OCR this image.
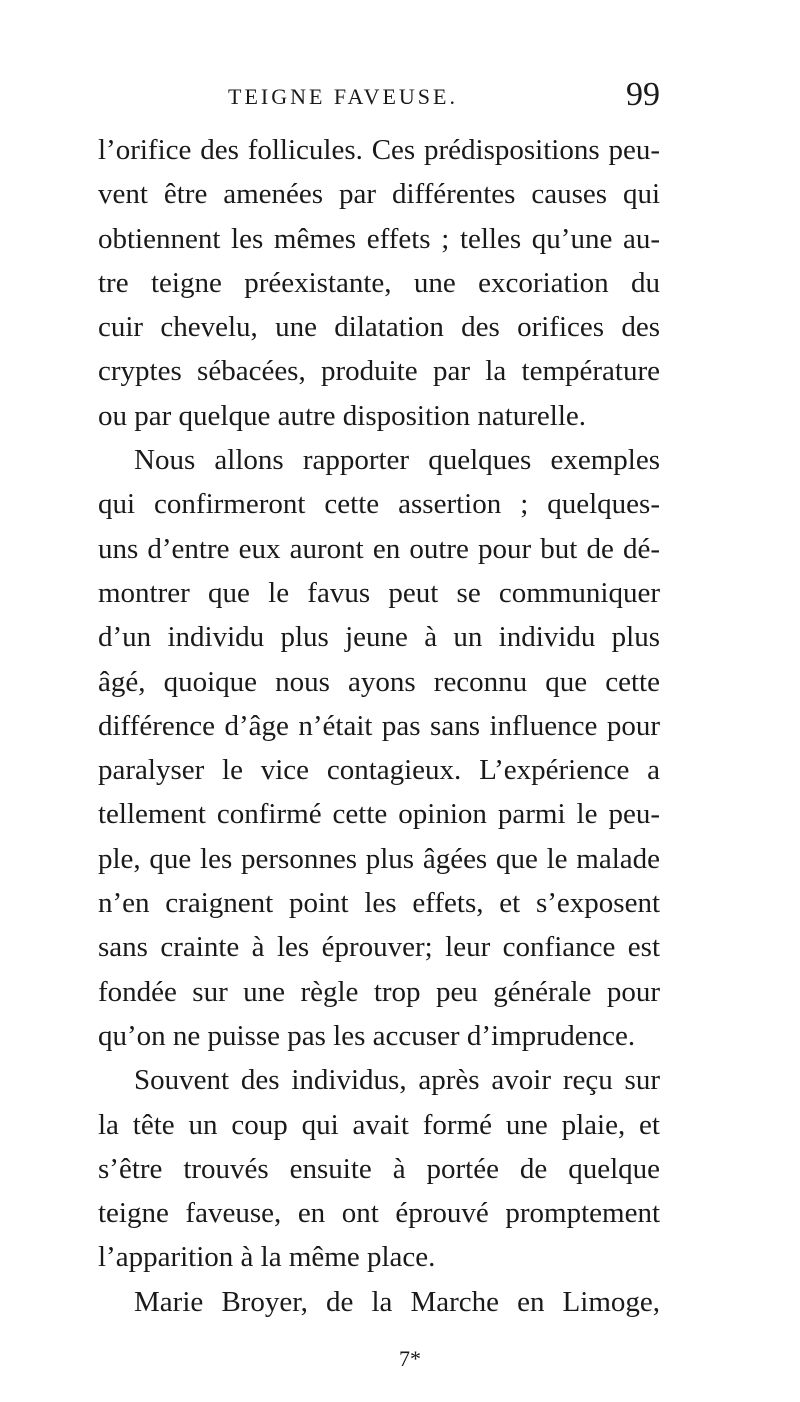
TEIGNE FAVEUSE.	99
l’orifice des follicules. Ces prédispositions peu-
vent être amenées par différentes causes qui
obtiennent les mêmes effets ; telles qu’une au-
tre teigne préexistante, une excoriation du
cuir chevelu, une dilatation des orifices des
cryptes sébacées, produite par la température
ou par quelque autre disposition naturelle.
Nous allons rapporter quelques exemples
qui confirmeront cette assertion ; quelques-
uns d’entre eux auront en outre pour but de dé-
montrer que le favus peut se communiquer
d’un individu plus jeune à un individu plus
âgé, quoique nous ayons reconnu que cette
différence d’âge n’était pas sans influence pour
paralyser le vice contagieux. L’expérience a
tellement confirmé cette opinion parmi le peu-
ple, que les personnes plus âgées que le malade
n’en craignent point les effets, et s’exposent
sans crainte à les éprouver; leur confiance est
fondée sur une règle trop peu générale pour
qu’on ne puisse pas les accuser d’imprudence.
Souvent des individus, après avoir reçu sur
la tête un coup qui avait formé une plaie, et
s’être trouvés ensuite à portée de quelque
teigne faveuse, en ont éprouvé promptement
l’apparition à la même place.
Marie Broyer, de la Marche en Limoge,
7*
